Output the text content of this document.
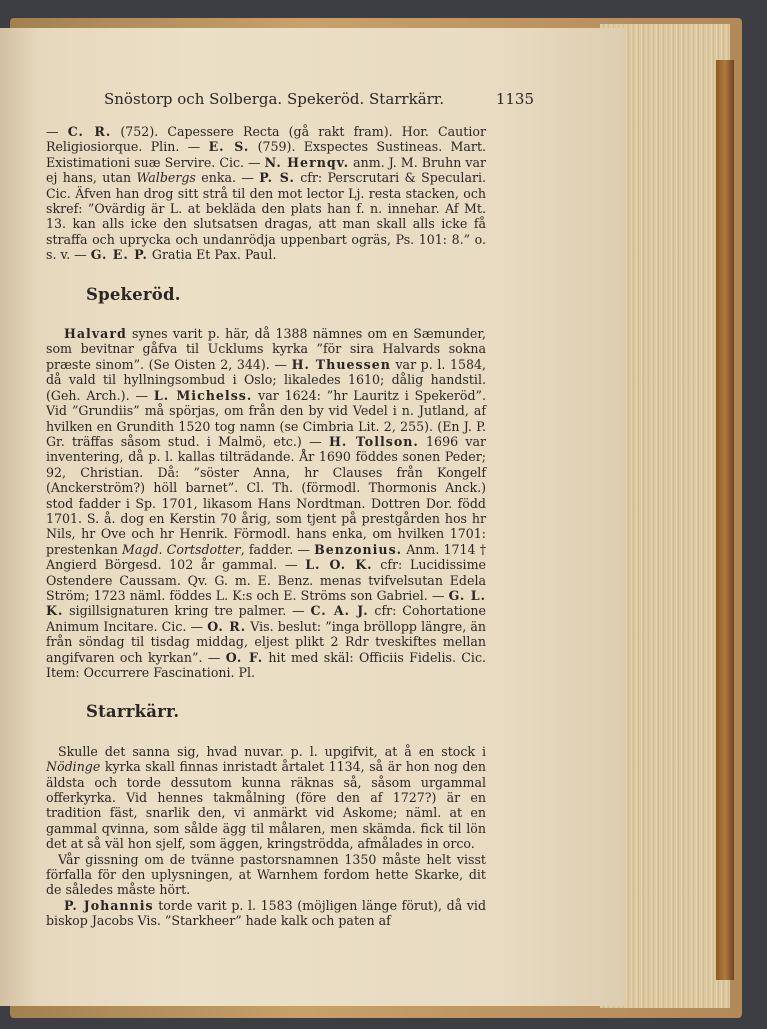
Snöstorp och Solberga. Spekeröd. Starrkärr.	1135

— C. R. (752). Capessere Recta (gå rakt fram). Hor. Cautior Religiosiorque. Plin. — E. S. (759). Exspectes Sustineas. Mart. Existimationi suæ Servire. Cic. — N. Hernqv. anm. J. M. Bruhn var ej hans, utan Walbergs enka. — P. S. cfr: Perscrutari & Speculari. Cic. Äfven han drog sitt strå til den mot lector Lj. resta stacken, och skref: ”Ovärdig är L. at bekläda den plats han f. n. innehar. Af Mt. 13. kan alls icke den slutsatsen dragas, att man skall alls icke få straffa och uprycka och undanrödja uppenbart ogräs, Ps. 101: 8.” o. s. v. — G. E. P. Gratia Et Pax. Paul.

Spekeröd.

Halvard synes varit p. här, då 1388 nämnes om en Sæmunder, som bevitnar gåfva til Ucklums kyrka ”för sira Halvards sokna præste sinom”. (Se Oisten 2, 344). — H. Thuessen var p. l. 1584, då vald til hyllningsombud i Oslo; likaledes 1610; dålig handstil. (Geh. Arch.). — L. Michelss. var 1624: ”hr Lauritz i Spekeröd”. Vid ”Grundiis” må spörjas, om från den by vid Vedel i n. Jutland, af hvilken en Grundith 1520 tog namn (se Cimbria Lit. 2, 255). (En J. P. Gr. träffas såsom stud. i Malmö, etc.) — H. Tollson. 1696 var inventering, då p. l. kallas tilträdande. År 1690 föddes sonen Peder; 92, Christian. Då: ”söster Anna, hr Clauses från Kongelf (Anckerström?) höll barnet”. Cl. Th. (förmodl. Thormonis Anck.) stod fadder i Sp. 1701, likasom Hans Nordtman. Dottren Dor. född 1701. S. å. dog en Kerstin 70 årig, som tjent på prestgården hos hr Nils, hr Ove och hr Henrik. Förmodl. hans enka, om hvilken 1701: prestenkan Magd. Cortsdotter, fadder. — Benzonius. Anm. 1714 † Angierd Börgesd. 102 år gammal. — L. O. K. cfr: Lucidissime Ostendere Caussam. Qv. G. m. E. Benz. menas tvifvelsutan Edela Ström; 1723 näml. föddes L. K:s och E. Ströms son Gabriel. — G. L. K. sigillsignaturen kring tre palmer. — C. A. J. cfr: Cohortatione Animum Incitare. Cic. — O. R. Vis. beslut: ”inga bröllopp längre, än från söndag til tisdag middag, eljest plikt 2 Rdr tveskiftes mellan angifvaren och kyrkan”. — O. F. hit med skäl: Officiis Fidelis. Cic. Item: Occurrere Fascinationi. Pl.

Starrkärr.

Skulle det sanna sig, hvad nuvar. p. l. upgifvit, at å en stock i Nödinge kyrka skall finnas inristadt årtalet 1134, så är hon nog den äldsta och torde dessutom kunna räknas så, såsom urgammal offerkyrka. Vid hennes takmålning (före den af 1727?) är en tradition fäst, snarlik den, vi anmärkt vid Askome; näml. at en gammal qvinna, som sålde ägg til målaren, men skämda. fick til lön det at så väl hon sjelf, som äggen, kringströdda, afmålades in orco.

Vår gissning om de tvänne pastorsnamnen 1350 måste helt visst förfalla för den uplysningen, at Warnhem fordom hette Skarke, dit de således måste hört.

P. Johannis torde varit p. l. 1583 (möjligen länge förut), då vid biskop Jacobs Vis. ”Starkheer” hade kalk och paten af
